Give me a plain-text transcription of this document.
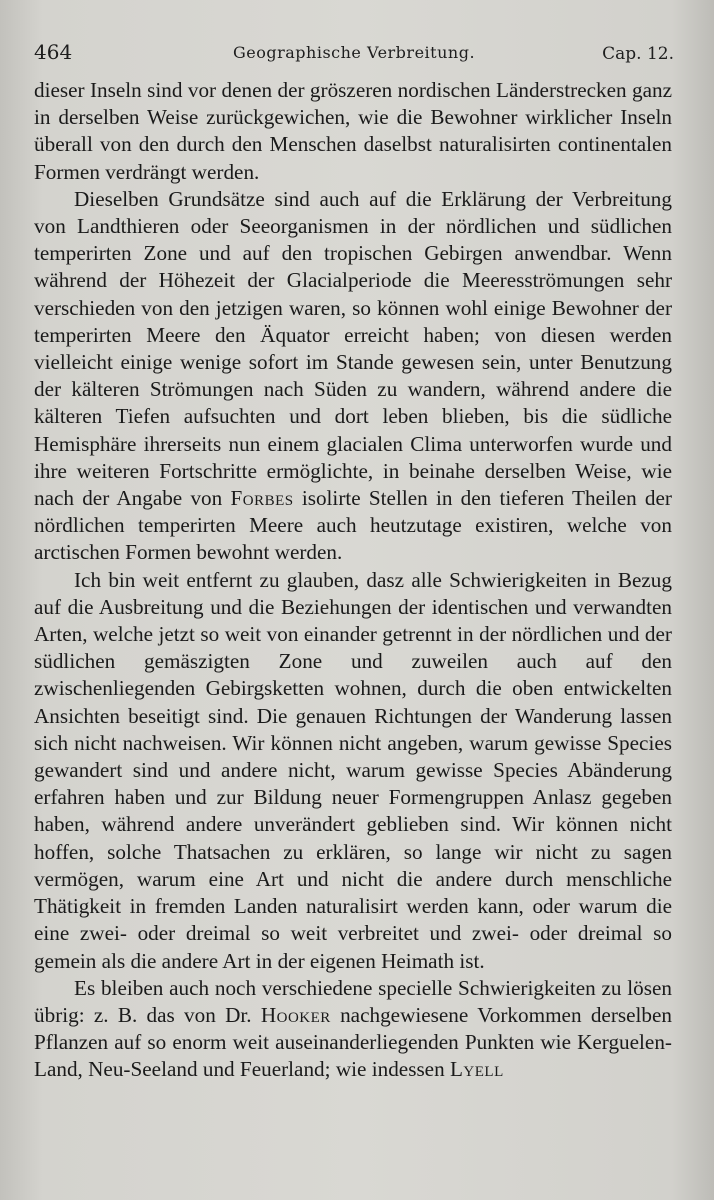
464	Geographische Verbreitung.	Cap. 12.

dieser Inseln sind vor denen der gröszeren nordischen Länderstrecken ganz in derselben Weise zurückgewichen, wie die Bewohner wirklicher Inseln überall von den durch den Menschen daselbst naturalisirten continentalen Formen verdrängt werden.

Dieselben Grundsätze sind auch auf die Erklärung der Verbreitung von Landthieren oder Seeorganismen in der nördlichen und südlichen temperirten Zone und auf den tropischen Gebirgen anwendbar. Wenn während der Höhezeit der Glacialperiode die Meeresströmungen sehr verschieden von den jetzigen waren, so können wohl einige Bewohner der temperirten Meere den Äquator erreicht haben; von diesen werden vielleicht einige wenige sofort im Stande gewesen sein, unter Benutzung der kälteren Strömungen nach Süden zu wandern, während andere die kälteren Tiefen aufsuchten und dort leben blieben, bis die südliche Hemisphäre ihrerseits nun einem glacialen Clima unterworfen wurde und ihre weiteren Fortschritte ermöglichte, in beinahe derselben Weise, wie nach der Angabe von Forbes isolirte Stellen in den tieferen Theilen der nördlichen temperirten Meere auch heutzutage existiren, welche von arctischen Formen bewohnt werden.

Ich bin weit entfernt zu glauben, dasz alle Schwierigkeiten in Bezug auf die Ausbreitung und die Beziehungen der identischen und verwandten Arten, welche jetzt so weit von einander getrennt in der nördlichen und der südlichen gemäszigten Zone und zuweilen auch auf den zwischenliegenden Gebirgsketten wohnen, durch die oben entwickelten Ansichten beseitigt sind. Die genauen Richtungen der Wanderung lassen sich nicht nachweisen. Wir können nicht angeben, warum gewisse Species gewandert sind und andere nicht, warum gewisse Species Abänderung erfahren haben und zur Bildung neuer Formengruppen Anlasz gegeben haben, während andere unverändert geblieben sind. Wir können nicht hoffen, solche Thatsachen zu erklären, so lange wir nicht zu sagen vermögen, warum eine Art und nicht die andere durch menschliche Thätigkeit in fremden Landen naturalisirt werden kann, oder warum die eine zwei- oder dreimal so weit verbreitet und zwei- oder dreimal so gemein als die andere Art in der eigenen Heimath ist.

Es bleiben auch noch verschiedene specielle Schwierigkeiten zu lösen übrig: z. B. das von Dr. Hooker nachgewiesene Vorkommen derselben Pflanzen auf so enorm weit auseinanderliegenden Punkten wie Kerguelen-Land, Neu-Seeland und Feuerland; wie indessen Lyell
